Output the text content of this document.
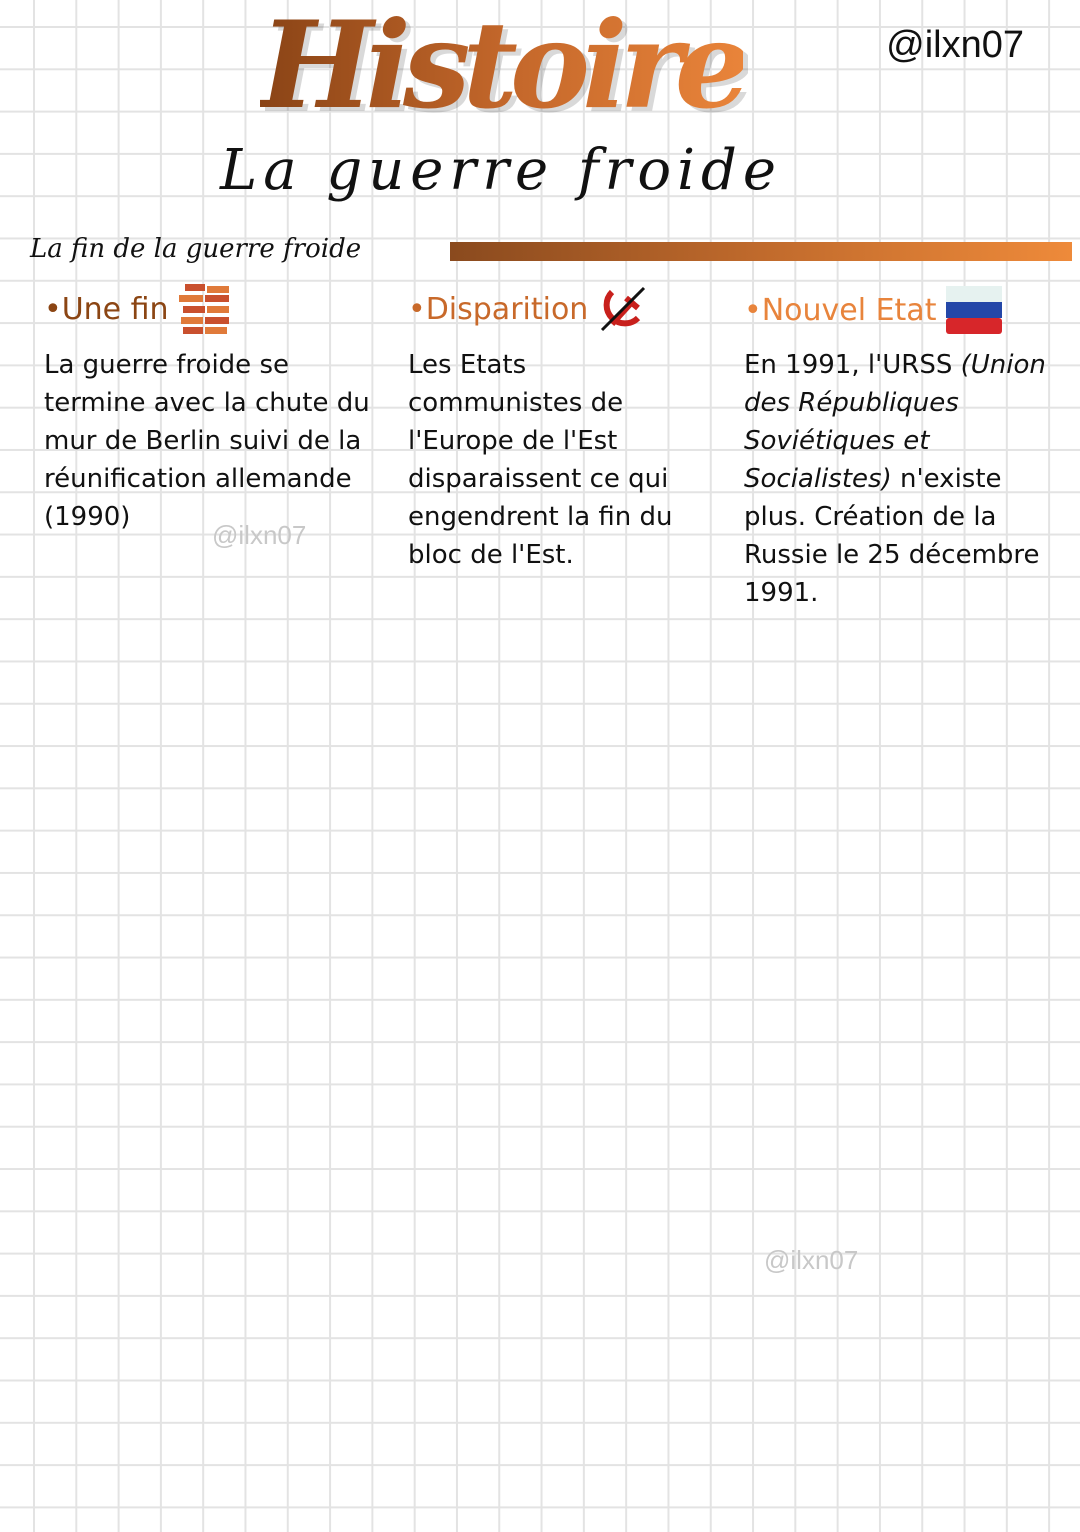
Histoire	@ilxn07
La guerre froide
La fin de la guerre froide
•Une fin
La guerre froide se termine avec la chute du mur de Berlin suivi de la réunification allemande (1990)
•Disparition
Les Etats communistes de l'Europe de l'Est disparaissent ce qui engendrent la fin du bloc de l'Est.
•Nouvel Etat
En 1991, l'URSS (Union des Républiques Soviétiques et Socialistes) n'existe plus. Création de la Russie le 25 décembre 1991.
@ilxn07
@ilxn07
